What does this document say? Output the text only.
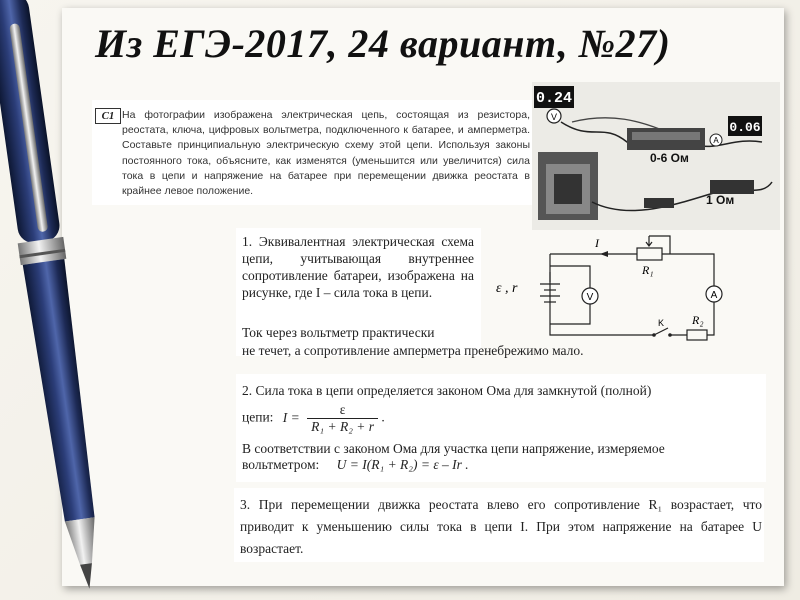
Из ЕГЭ-2017, 24 вариант, №27)
C1 На фотографии изображена электрическая цепь, состоящая из резистора, реостата, ключа, цифровых вольтметра, подключенного к батарее, и амперметра. Составьте принципиальную электрическую схему этой цепи. Используя законы постоянного тока, объясните, как изменятся (уменьшится или увеличится) сила тока в цепи и напряжение на батарее при перемещении движка реостата в крайнее левое положение.
0.24
V
0-6 Ом
0.06
A
1 Ом
1. Эквивалентная электрическая схема цепи, учитывающая внутреннее сопротивление батареи, изображена на рисунке, где I – сила тока в цепи.
Ток через вольтметр практически
не течет, а сопротивление амперметра пренебрежимо мало.
V	A
I
R₁
R₂
K
ε , r
2. Сила тока в цепи определяется законом Ома для замкнутой (полной)
цепи: $I = \frac{\varepsilon}{\text{R₁ + R₂ + r}}$ .
В соответствии с законом Ома для участка цепи напряжение, измеряемое
вольтметром: U = I(R₁ + R₂) = ε – Ir .
3. При перемещении движка реостата влево его сопротивление R₁ возрастает, что приводит к уменьшению силы тока в цепи I. При этом напряжение на батарее U возрастает.
